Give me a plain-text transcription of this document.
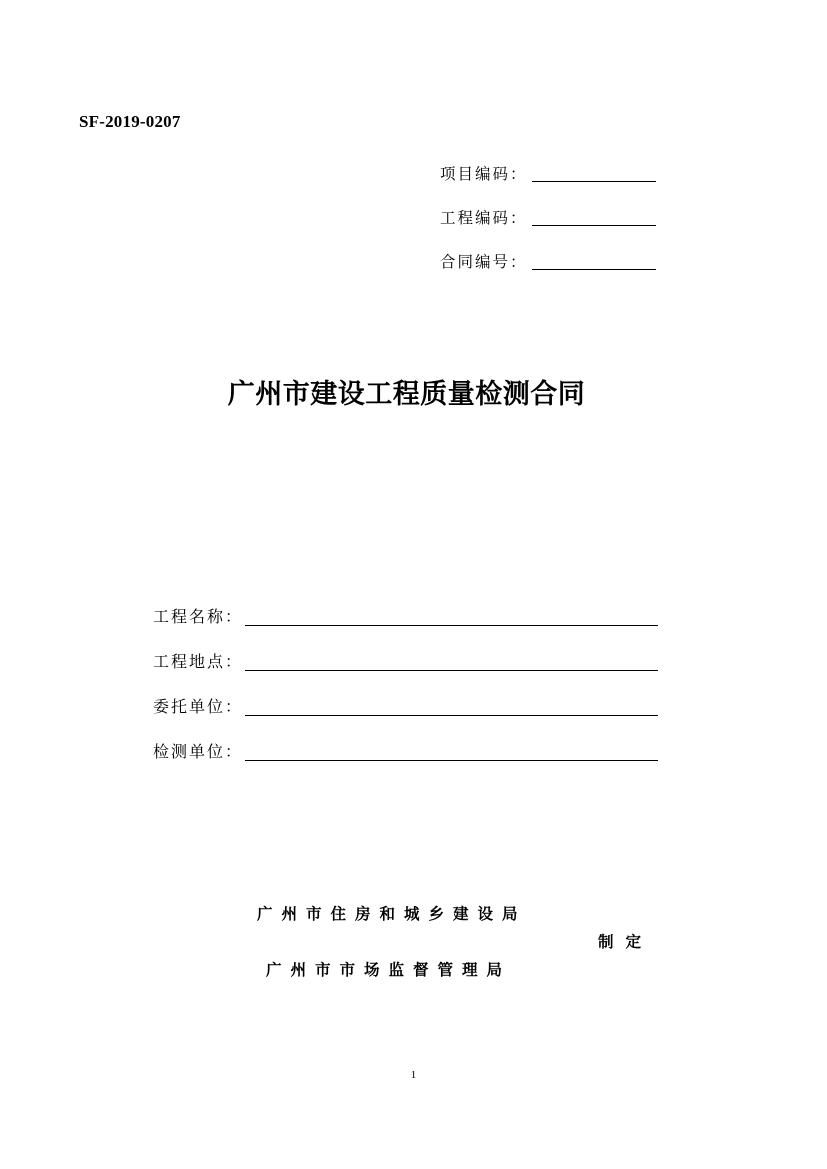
SF-2019-0207
项目编码：
工程编码：
合同编号：
广州市建设工程质量检测合同
工程名称：
工程地点：
委托单位：
检测单位：
广州市住房和城乡建设局
制定
广州市市场监督管理局
1
